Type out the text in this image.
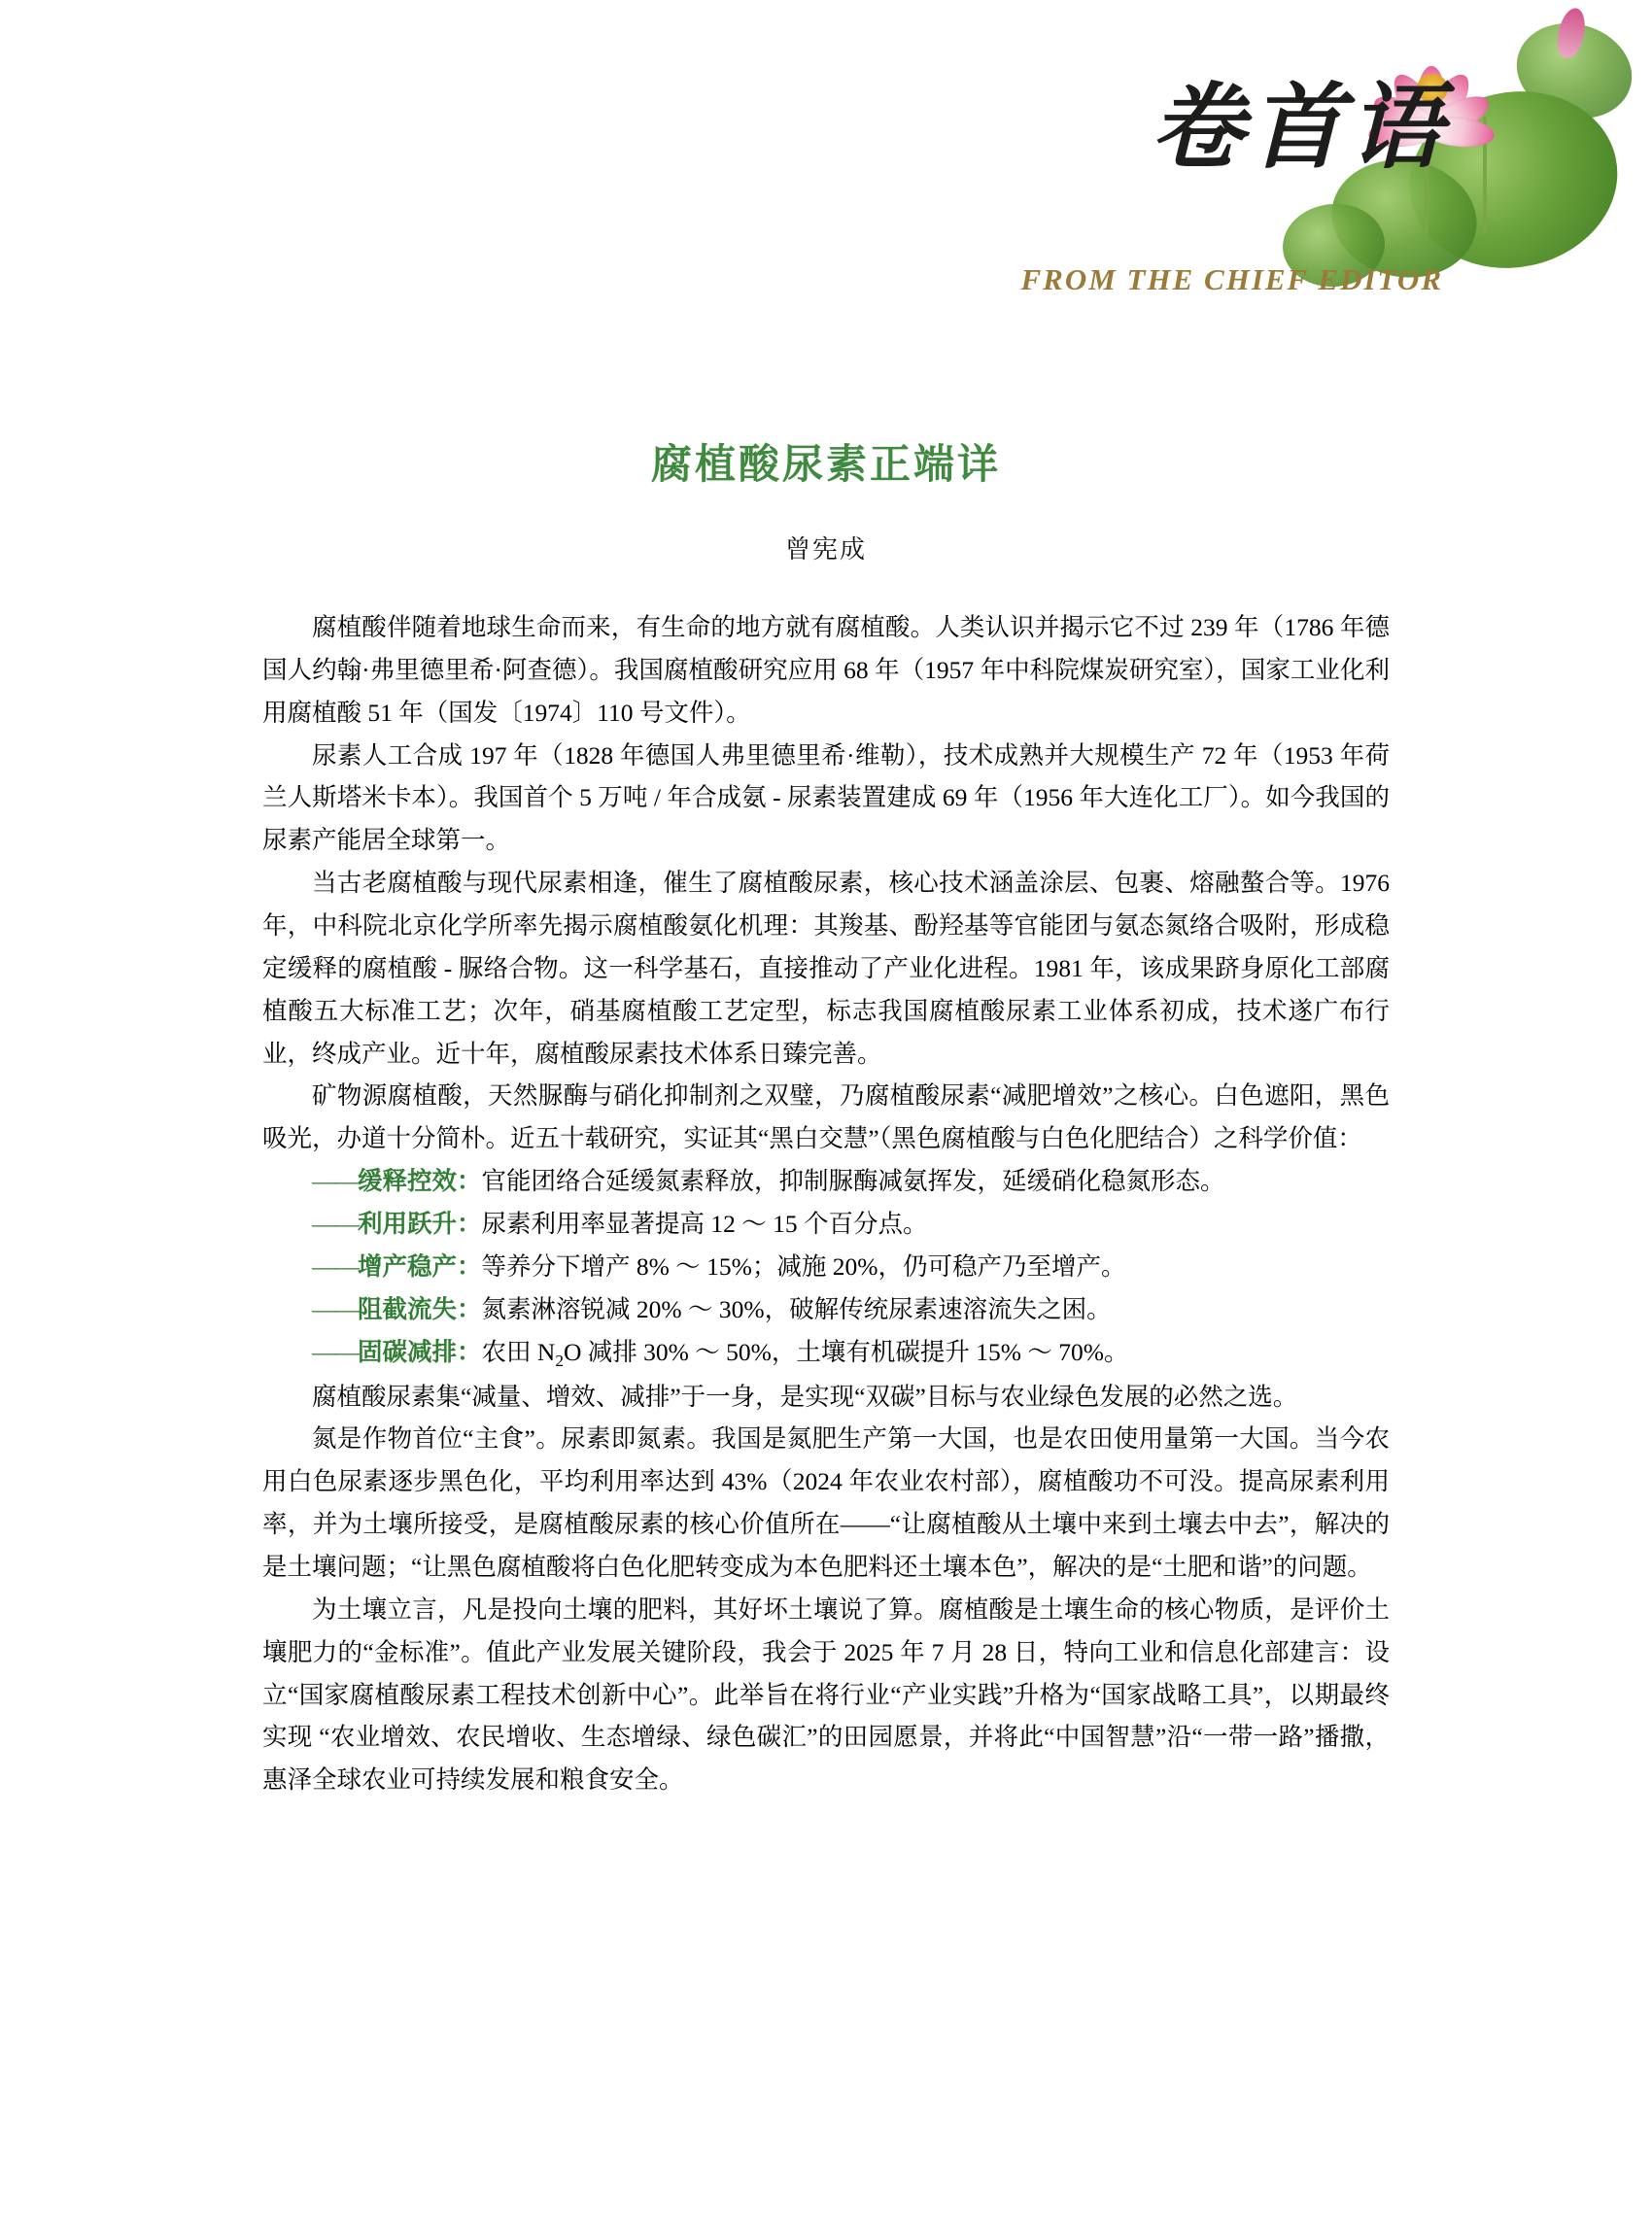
卷首语
FROM THE CHIEF EDITOR
腐植酸尿素正端详
曾宪成

腐植酸伴随着地球生命而来，有生命的地方就有腐植酸。人类认识并揭示它不过 239 年（1786 年德国人约翰·弗里德里希·阿查德）。我国腐植酸研究应用 68 年（1957 年中科院煤炭研究室），国家工业化利用腐植酸 51 年（国发〔1974〕110 号文件）。

尿素人工合成 197 年（1828 年德国人弗里德里希·维勒），技术成熟并大规模生产 72 年（1953 年荷兰人斯塔米卡本）。我国首个 5 万吨 / 年合成氨 - 尿素装置建成 69 年（1956 年大连化工厂）。如今我国的尿素产能居全球第一。

当古老腐植酸与现代尿素相逢，催生了腐植酸尿素，核心技术涵盖涂层、包裹、熔融螯合等。1976 年，中科院北京化学所率先揭示腐植酸氨化机理：其羧基、酚羟基等官能团与氨态氮络合吸附，形成稳定缓释的腐植酸 - 脲络合物。这一科学基石，直接推动了产业化进程。1981 年，该成果跻身原化工部腐植酸五大标准工艺；次年，硝基腐植酸工艺定型，标志我国腐植酸尿素工业体系初成，技术遂广布行业，终成产业。近十年，腐植酸尿素技术体系日臻完善。

矿物源腐植酸，天然脲酶与硝化抑制剂之双璧，乃腐植酸尿素“减肥增效”之核心。白色遮阳，黑色吸光，办道十分简朴。近五十载研究，实证其“黑白交慧”（黑色腐植酸与白色化肥结合）之科学价值：

——缓释控效：官能团络合延缓氮素释放，抑制脲酶减氨挥发，延缓硝化稳氮形态。

——利用跃升：尿素利用率显著提高 12 ～ 15 个百分点。

——增产稳产：等养分下增产 8% ～ 15%；减施 20%，仍可稳产乃至增产。

——阻截流失：氮素淋溶锐减 20% ～ 30%，破解传统尿素速溶流失之困。

——固碳减排：农田 $N_2O$ 减排 30% ～ 50%，土壤有机碳提升 15% ～ 70%。

腐植酸尿素集“减量、增效、减排”于一身，是实现“双碳”目标与农业绿色发展的必然之选。

氮是作物首位“主食”。尿素即氮素。我国是氮肥生产第一大国，也是农田使用量第一大国。当今农用白色尿素逐步黑色化，平均利用率达到 43%（2024 年农业农村部），腐植酸功不可没。提高尿素利用率，并为土壤所接受，是腐植酸尿素的核心价值所在——“让腐植酸从土壤中来到土壤去中去”，解决的是土壤问题；“让黑色腐植酸将白色化肥转变成为本色肥料还土壤本色”，解决的是“土肥和谐”的问题。

为土壤立言，凡是投向土壤的肥料，其好坏土壤说了算。腐植酸是土壤生命的核心物质，是评价土壤肥力的“金标准”。值此产业发展关键阶段，我会于 2025 年 7 月 28 日，特向工业和信息化部建言：设立“国家腐植酸尿素工程技术创新中心”。此举旨在将行业“产业实践”升格为“国家战略工具”，以期最终实现 “农业增效、农民增收、生态增绿、绿色碳汇”的田园愿景，并将此“中国智慧”沿“一带一路”播撒，惠泽全球农业可持续发展和粮食安全。
